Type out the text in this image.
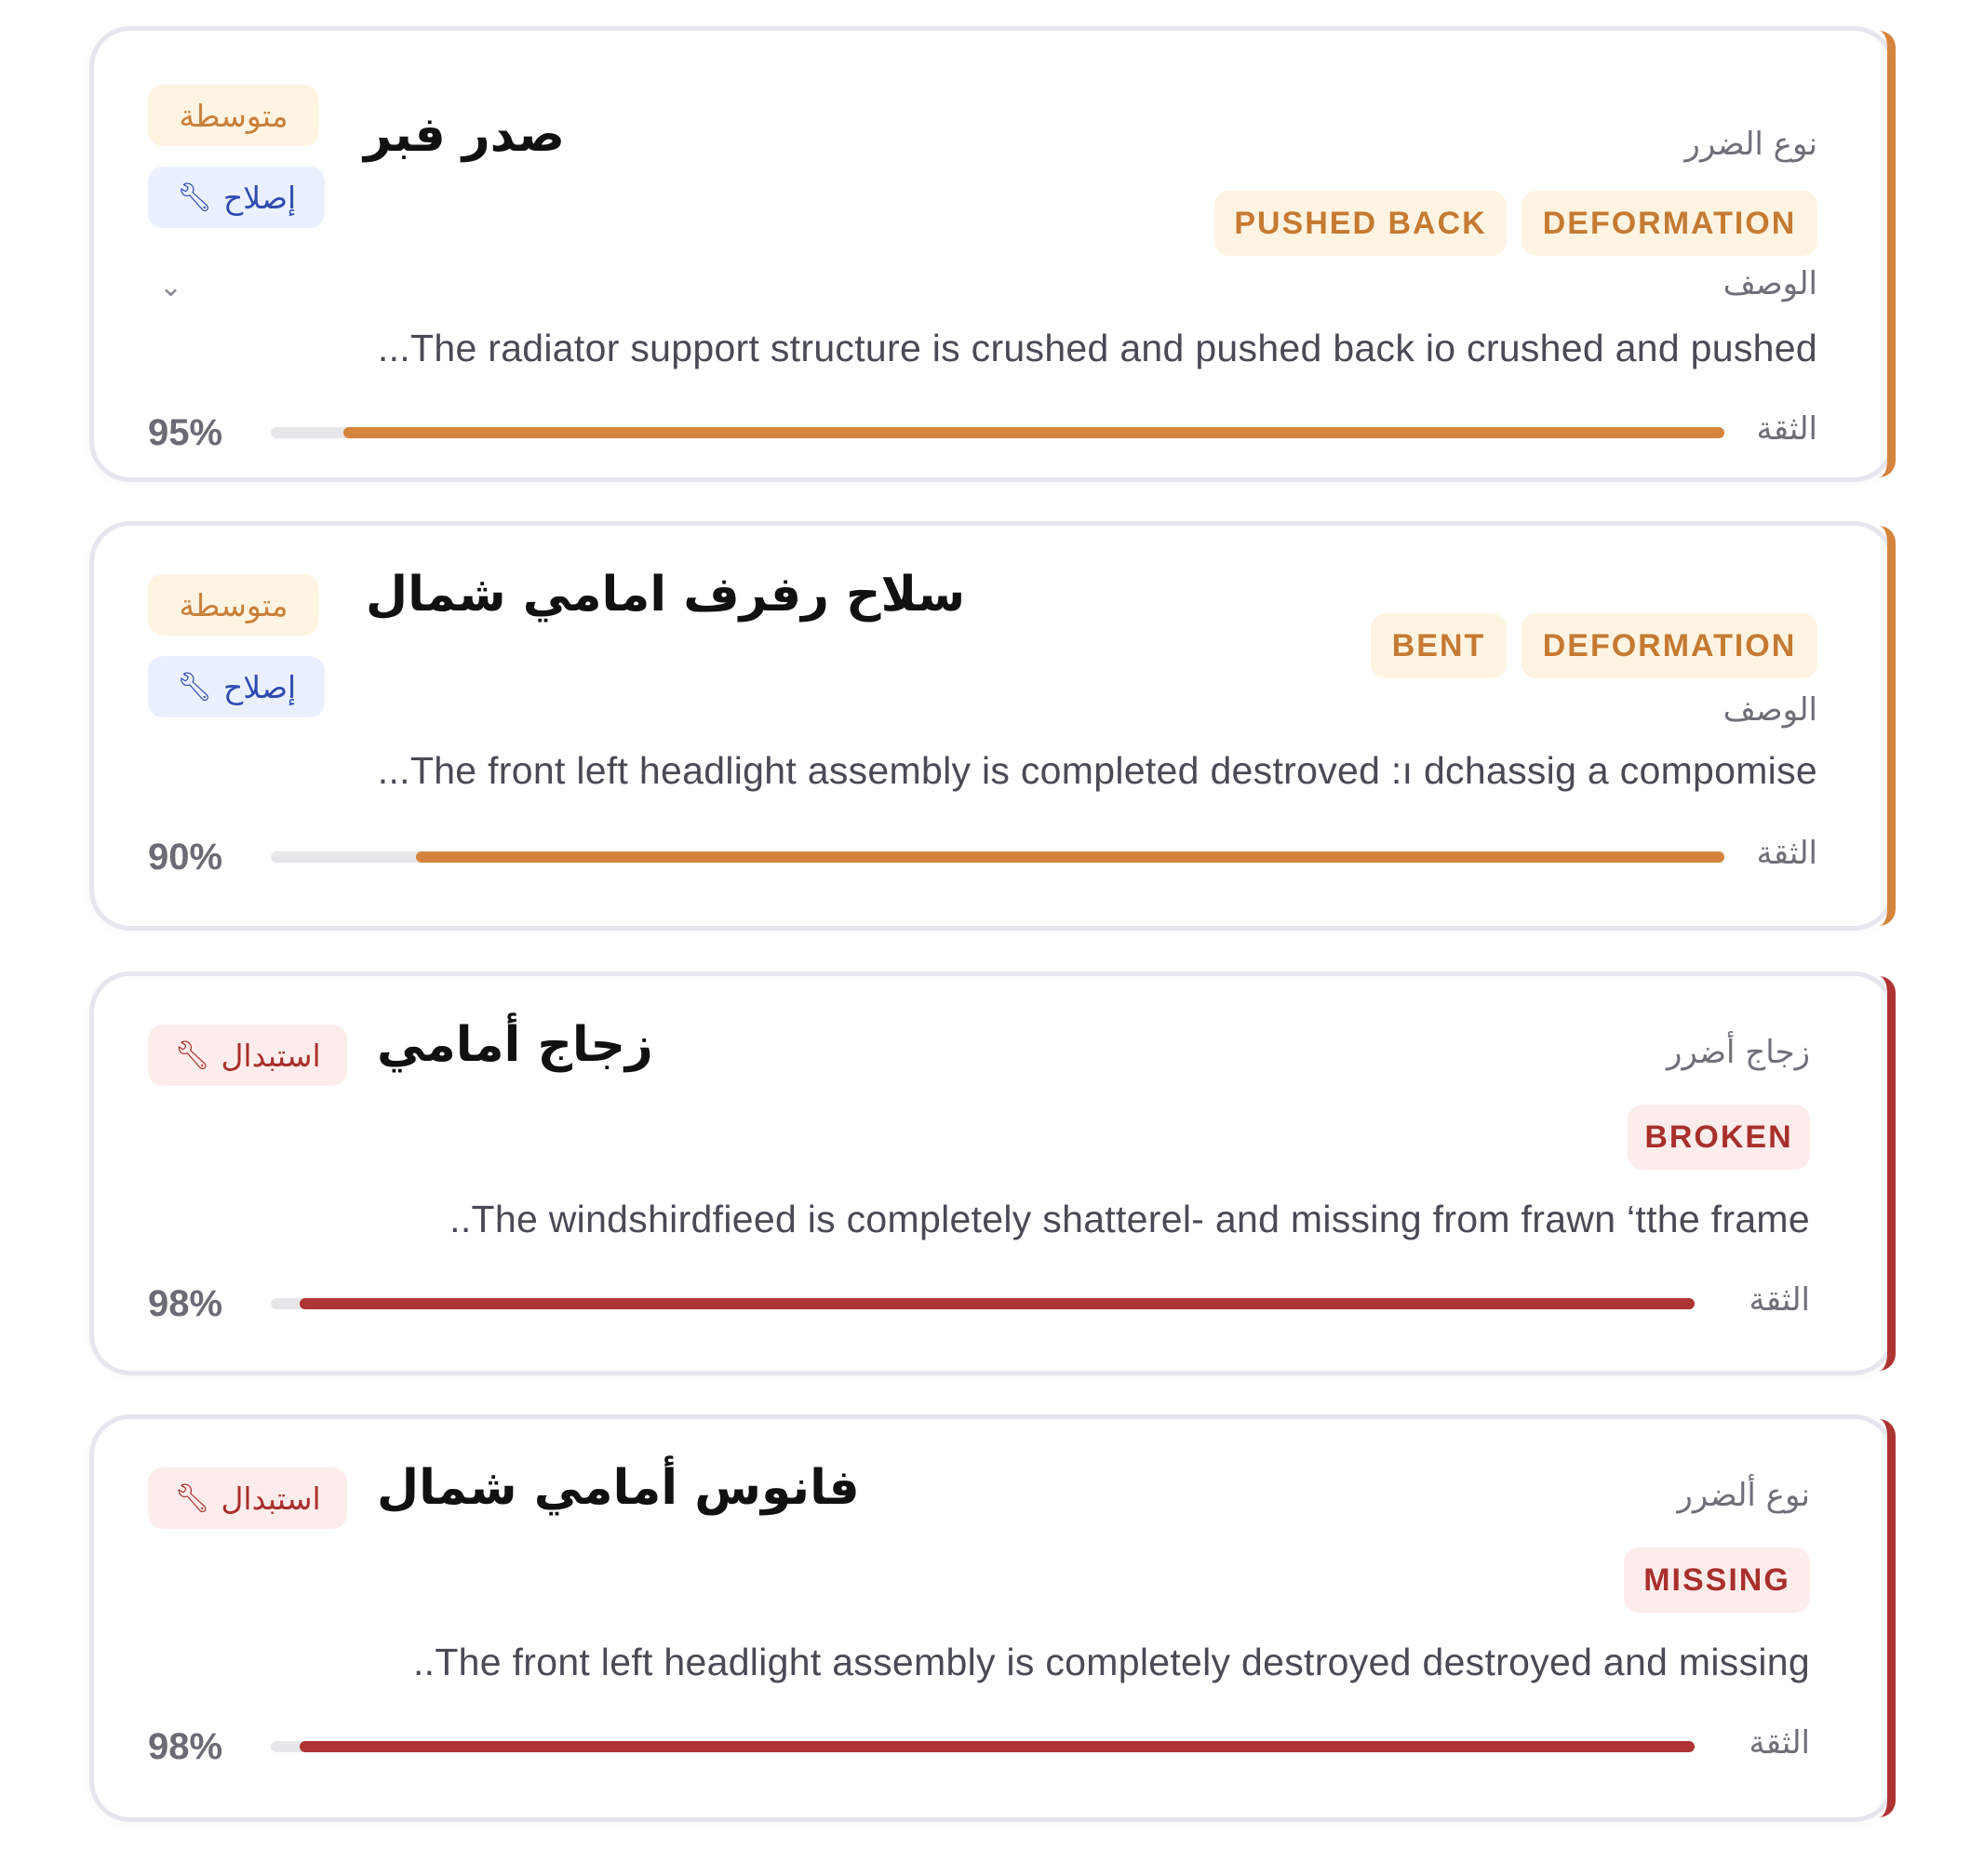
متوسطة	صدر فبر
🔧︎ إصلاح
نوع الضرر
DEFORMATION
PUSHED BACK
⌄	الوصف
...The radiator support structure is crushed and pushed back io crushed and pushed
95%	الثقة
متوسطة	سلاح رفرف امامي شمال
🔧︎ إصلاح
DEFORMATION
BENT
الوصف
...The front left headlight assembly is completed destroved :ı dchassig a compomise
90%	الثقة
🔧︎ استبدال زجاج أمامي	زجاج أضرر
BROKEN
..The windshirdfieed is completely shatterel‐ and missing from frawn ‘tthe frame
98%	الثقة
🔧︎ استبدال فانوس أمامي شمال	نوع ألضرر
MISSING
..The front left headlight assembly is completely destroyed destroyed and missing
98%	الثقة
